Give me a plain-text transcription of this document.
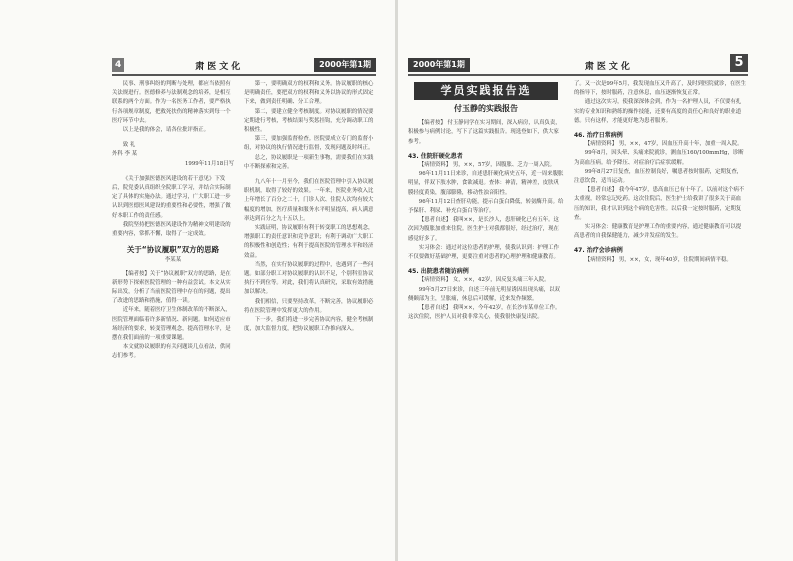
4	肃医文化	2000年第1期

民事、刑事纠纷的判断与处理，都应当依照有关法规进行。医德修养与法制观念的培养，是相互联系的两个方面。作为一名医务工作者，要严格执行各项规章制度，把救死扶伤的精神落实到每一个医疗环节中去。

以上是我的体会，请各位批评指正。

致 礼

外科 李 某

1999年11月18日写

《关于加强医德医风建设的若干意见》下发后，院党委认真组织全院职工学习，并结合实际制定了具体的实施办法。通过学习，广大职工进一步认识到医德医风建设的重要性和必要性，增强了做好本职工作的责任感。

我院坚持把医德医风建设作为精神文明建设的重要内容，常抓不懈，取得了一定成效。

关于“协议履职”双方的思路
李某某

【编者按】关于“协议履职”双方的思路，是在新形势下探索医院管理的一种有益尝试。本文从实际出发，分析了当前医院管理中存在的问题，提出了改进的思路和措施，值得一读。

近年来，随着医疗卫生体制改革的不断深入，医院管理面临着许多新情况、新问题。如何适应市场经济的要求，转变管理观念，提高管理水平，是摆在我们面前的一项重要课题。

本文就协议履职的有关问题谈几点看法，供同志们参考。

第一，要明确双方的权利和义务。协议履职的核心是明确责任，要把双方的权利和义务以协议的形式固定下来，做到责任明确、分工合理。

第二，要建立健全考核制度。对协议履职的情况要定期进行考核，考核结果与奖惩挂钩，充分调动职工的积极性。

第三，要加强监督检查。医院要成立专门的监督小组，对协议的执行情况进行监督，发现问题及时纠正。

总之，协议履职是一项新生事物，需要我们在实践中不断探索和完善。

九八年十一月至今，我们在医院管理中引入协议履职机制，取得了较好的效果。一年来，医院业务收入比上年增长了百分之二十，门诊人次、住院人次均有较大幅度的增加，医疗质量和服务水平明显提高，病人满意率达到百分之九十五以上。

实践证明，协议履职有利于转变职工的思想观念，增强职工的责任意识和竞争意识；有利于调动广大职工的积极性和创造性；有利于提高医院的管理水平和经济效益。

当然，在实行协议履职的过程中，也遇到了一些问题。如部分职工对协议履职的认识不足，个别科室协议执行不到位等。对此，我们将认真研究，采取有效措施加以解决。

我们相信，只要坚持改革，不断完善，协议履职必将在医院管理中发挥更大的作用。

下一步，我们将进一步完善协议内容，健全考核制度，加大监督力度，把协议履职工作推向深入。

2000年第1期	肃医文化	5
学员实践报告选
付玉静的实践报告

【编者按】 付玉静同学在实习期间，深入病房，认真负责，积极参与病例讨论，写下了这篇实践报告。现选登如下，供大家参考。

43. 住院肝硬化患者

【病情资料】 男，××，57岁，因腹胀、乏力一周入院。

96年11月11日来诊，自述患肝硬化病史五年，近一周来腹胀明显，伴双下肢水肿，食欲减退。查体：神清，精神差，皮肤巩膜轻度黄染，腹部膨隆，移动性浊音阳性。

96年11月12日查肝功能，提示白蛋白降低，转氨酶升高。给予保肝、利尿、补充白蛋白等治疗。

【患者自述】 我叫××，是长沙人，患肝硬化已有五年。这次因为腹胀加重来住院。医生护士对我都很好，经过治疗，现在感觉好多了。

实习体会：通过对这位患者的护理，使我认识到：护理工作不仅要做好基础护理，更要注重对患者的心理护理和健康教育。

45. 出院患者随访病例

【病情资料】 女，××，42岁，因反复头痛三年入院。

99年5月27日来诊，自述三年前无明显诱因出现头痛，以双侧颞部为主，呈胀痛，休息后可缓解，近来发作频繁。

【患者自述】 我叫××，今年42岁，在长沙市某单位工作。这次住院，医护人员对我非常关心，使我很快康复出院。

了。又一次是99年5月，我发现血压又升高了，及时到医院就诊，在医生的指导下，按时服药，注意休息，血压逐渐恢复正常。

通过这次实习，使我深深体会到，作为一名护理人员，不仅要有扎实的专业知识和熟练的操作技能，还要有高度的责任心和良好的职业道德。只有这样，才能更好地为患者服务。

46. 治疗日常病例

【病情资料】 男，××，47岁，因血压升高十年，加重一周入院。

99年8月，因头晕、头痛来院就诊，测血压160/100mmHg，诊断为高血压病。给予降压、对症治疗后症状缓解。

99年8月27日复查，血压控制良好，嘱患者按时服药，定期复查，注意饮食，适当运动。

【患者自述】 我今年47岁，患高血压已有十年了。以前对这个病不太重视，经常忘记吃药。这次住院后，医生护士给我讲了很多关于高血压的知识，我才认识到这个病的危害性。以后我一定按时服药，定期复查。

实习体会：健康教育是护理工作的重要内容，通过健康教育可以提高患者的自我保健能力，减少并发症的发生。

47. 治疗会诊病例

【病情资料】 男，××，女，现年40岁，住院期间病情平稳。
